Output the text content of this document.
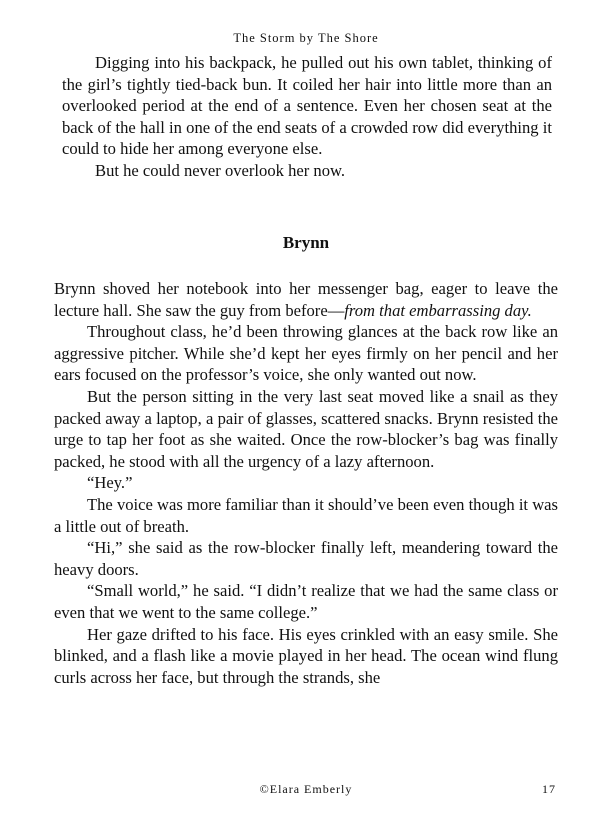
The Storm by The Shore

Digging into his backpack, he pulled out his own tablet, thinking of the girl’s tightly tied-back bun. It coiled her hair into little more than an overlooked period at the end of a sentence. Even her chosen seat at the back of the hall in one of the end seats of a crowded row did everything it could to hide her among everyone else.

But he could never overlook her now.

Brynn

Brynn shoved her notebook into her messenger bag, eager to leave the lecture hall. She saw the guy from before—from that embarrassing day.

Throughout class, he’d been throwing glances at the back row like an aggressive pitcher. While she’d kept her eyes firmly on her pencil and her ears focused on the professor’s voice, she only wanted out now.

But the person sitting in the very last seat moved like a snail as they packed away a laptop, a pair of glasses, scattered snacks. Brynn resisted the urge to tap her foot as she waited. Once the row-blocker’s bag was finally packed, he stood with all the urgency of a lazy afternoon.

“Hey.”

The voice was more familiar than it should’ve been even though it was a little out of breath.

“Hi,” she said as the row-blocker finally left, meandering toward the heavy doors.

“Small world,” he said. “I didn’t realize that we had the same class or even that we went to the same college.”

Her gaze drifted to his face. His eyes crinkled with an easy smile. She blinked, and a flash like a movie played in her head. The ocean wind flung curls across her face, but through the strands, she

©Elara Emberly	17
